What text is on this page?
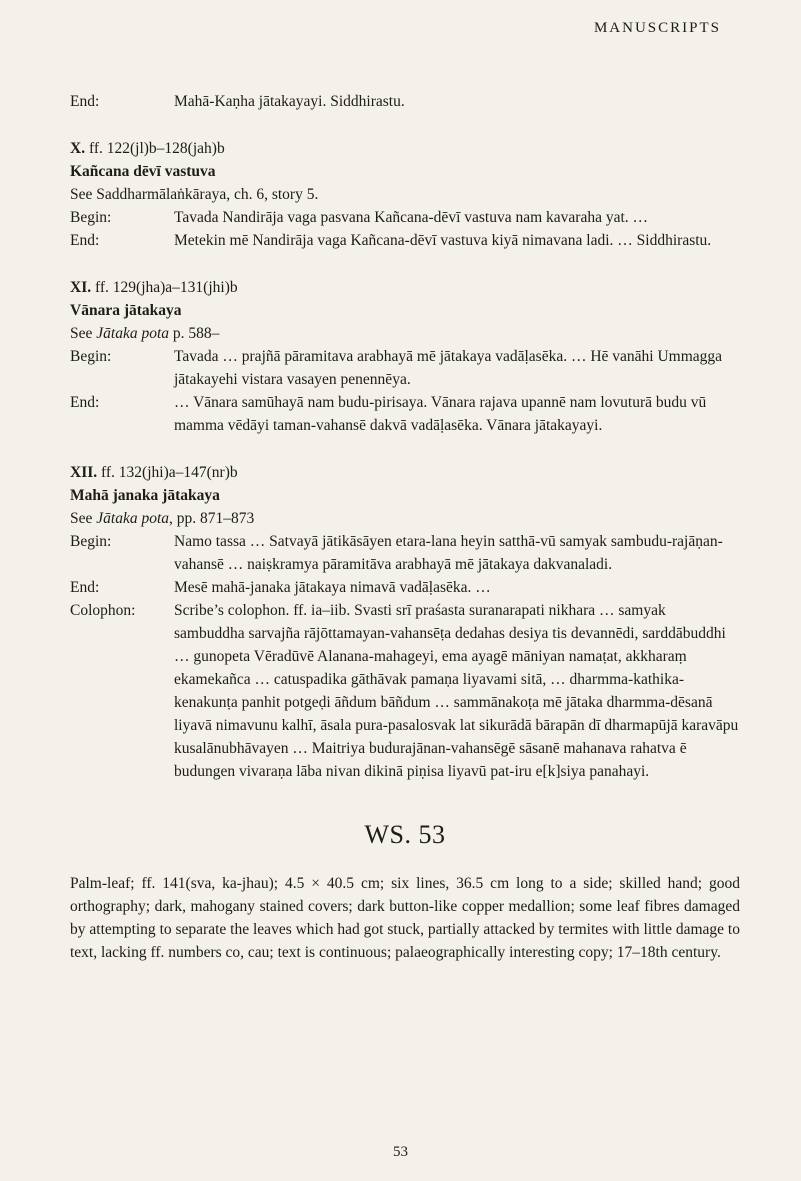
MANUSCRIPTS
End:	Mahā-Kaṇha jātakayayi. Siddhirastu.
X. ff. 122(jl)b–128(jah)b
Kañcana dēvī vastuva
See Saddharmālaṅkāraya, ch. 6, story 5.
Begin:	Tavada Nandirāja vaga pasvana Kañcana-dēvī vastuva nam kavaraha yat. …
End:	Metekin mē Nandirāja vaga Kañcana-dēvī vastuva kiyā nimavana ladi. … Siddhirastu.
XI. ff. 129(jha)a–131(jhi)b
Vānara jātakaya
See Jātaka pota p. 588–
Begin:	Tavada … prajñā pāramitava arabhayā mē jātakaya vadāḷasēka. … Hē vanāhi Ummagga jātakayehi vistara vasayen penennēya.
End:	… Vānara samūhayā nam budu-pirisaya. Vānara rajava upannē nam lovuturā budu vū mamma vēdāyi taman-vahansē dakvā vadāḷasēka. Vānara jātakayayi.
XII. ff. 132(jhi)a–147(nr)b
Mahā janaka jātakaya
See Jātaka pota, pp. 871–873
Begin:	Namo tassa … Satvayā jātikāsāyen etara-lana heyin satthā-vū samyak sambudu-rajāṇan-vahansē … naiṣkramya pāramitāva arabhayā mē jātakaya dakvanaladi.
End:	Mesē mahā-janaka jātakaya nimavā vadāḷasēka. …
Colophon:	Scribe’s colophon. ff. ia–iib. Svasti srī praśasta suranarapati nikhara … samyak sambuddha sarvajña rājōttamayan-vahansēṭa dedahas desiya tis devannēdi, sarddābuddhi … gunopeta Vēradūvē Alanana-mahageyi, ema ayagē māniyan namaṭat, akkharaṃ ekamekañca … catuspadika gāthāvak pamaṇa liyavami sitā, … dharmma-kathika-kenakunṭa panhit potgeḍi āñdum bāñdum … sammānakoṭa mē jātaka dharmma-dēsanā liyavā nimavunu kalhī, āsala pura-pasalosvak lat sikurādā bārapān dī dharmapūjā karavāpu kusalānubhāvayen … Maitriya budurajānan-vahansēgē sāsanē mahanava rahatva ē budungen vivaraṇa lāba nivan dikinā piṇisa liyavū pat-iru e[k]siya panahayi.
WS. 53
Palm-leaf; ff. 141(sva, ka-jhau); 4.5 × 40.5 cm; six lines, 36.5 cm long to a side; skilled hand; good orthography; dark, mahogany stained covers; dark button-like copper medallion; some leaf fibres damaged by attempting to separate the leaves which had got stuck, partially attacked by termites with little damage to text, lacking ff. numbers co, cau; text is continuous; palaeographically interesting copy; 17–18th century.
53
